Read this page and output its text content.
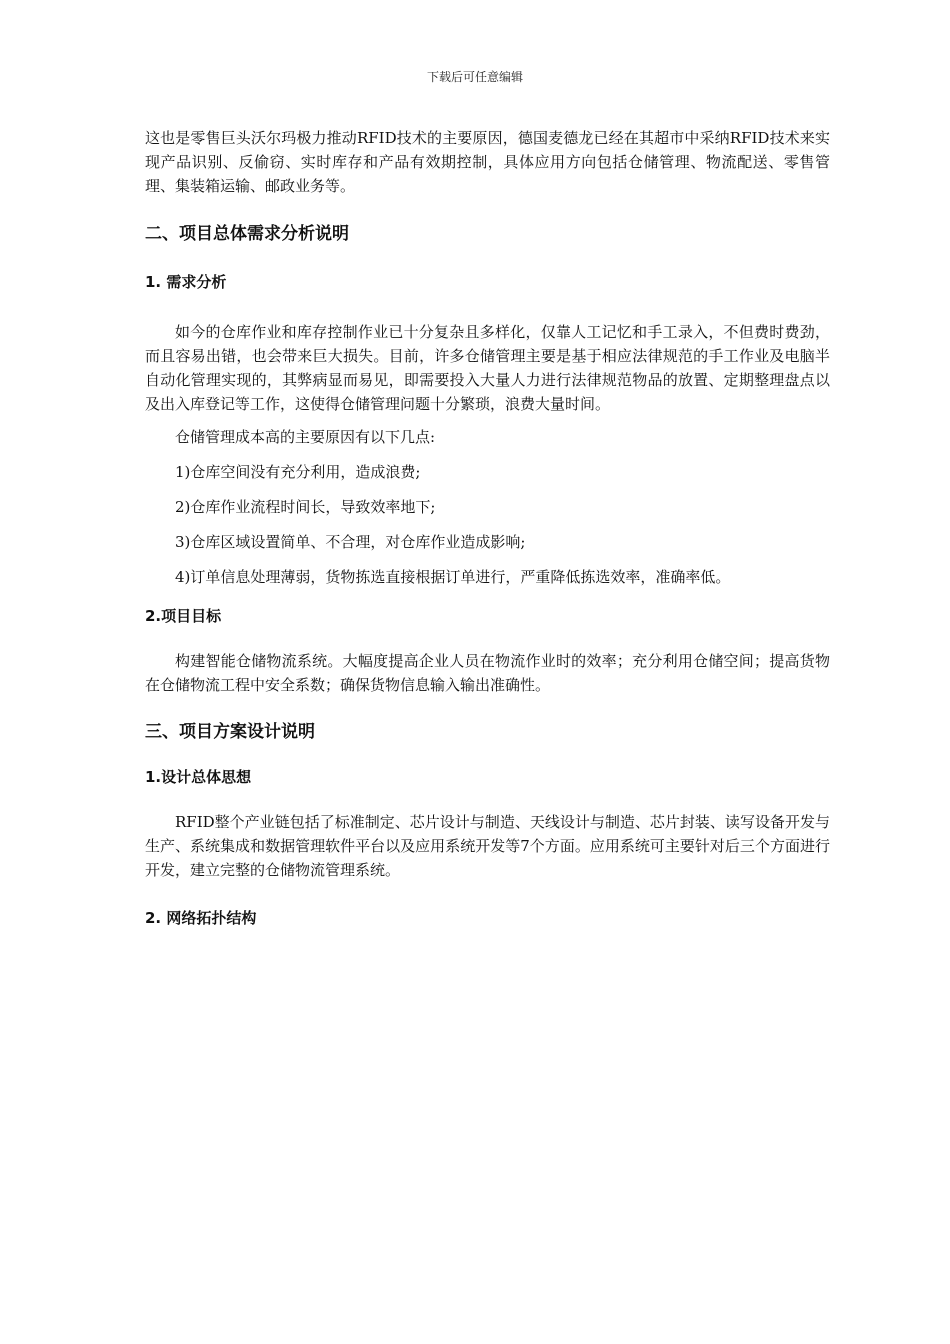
下载后可任意编辑

这也是零售巨头沃尔玛极力推动RFID技术的主要原因，德国麦德龙已经在其超市中采纳RFID技术来实现产品识别、反偷窃、实时库存和产品有效期控制，具体应用方向包括仓储管理、物流配送、零售管理、集装箱运输、邮政业务等。

二、项目总体需求分析说明
1. 需求分析

如今的仓库作业和库存控制作业已十分复杂且多样化，仅靠人工记忆和手工录入，不但费时费劲，而且容易出错，也会带来巨大损失。目前，许多仓储管理主要是基于相应法律规范的手工作业及电脑半自动化管理实现的，其弊病显而易见，即需要投入大量人力进行法律规范物品的放置、定期整理盘点以及出入库登记等工作，这使得仓储管理问题十分繁琐，浪费大量时间。

仓储管理成本高的主要原因有以下几点:

1)仓库空间没有充分利用，造成浪费;

2)仓库作业流程时间长，导致效率地下;

3)仓库区域设置简单、不合理，对仓库作业造成影响;

4)订单信息处理薄弱，货物拣选直接根据订单进行，严重降低拣选效率，准确率低。

2.项目目标

构建智能仓储物流系统。大幅度提高企业人员在物流作业时的效率；充分利用仓储空间；提高货物在仓储物流工程中安全系数；确保货物信息输入输出准确性。

三、项目方案设计说明
1.设计总体思想

RFID整个产业链包括了标准制定、芯片设计与制造、天线设计与制造、芯片封装、读写设备开发与生产、系统集成和数据管理软件平台以及应用系统开发等7个方面。应用系统可主要针对后三个方面进行开发，建立完整的仓储物流管理系统。

2. 网络拓扑结构
